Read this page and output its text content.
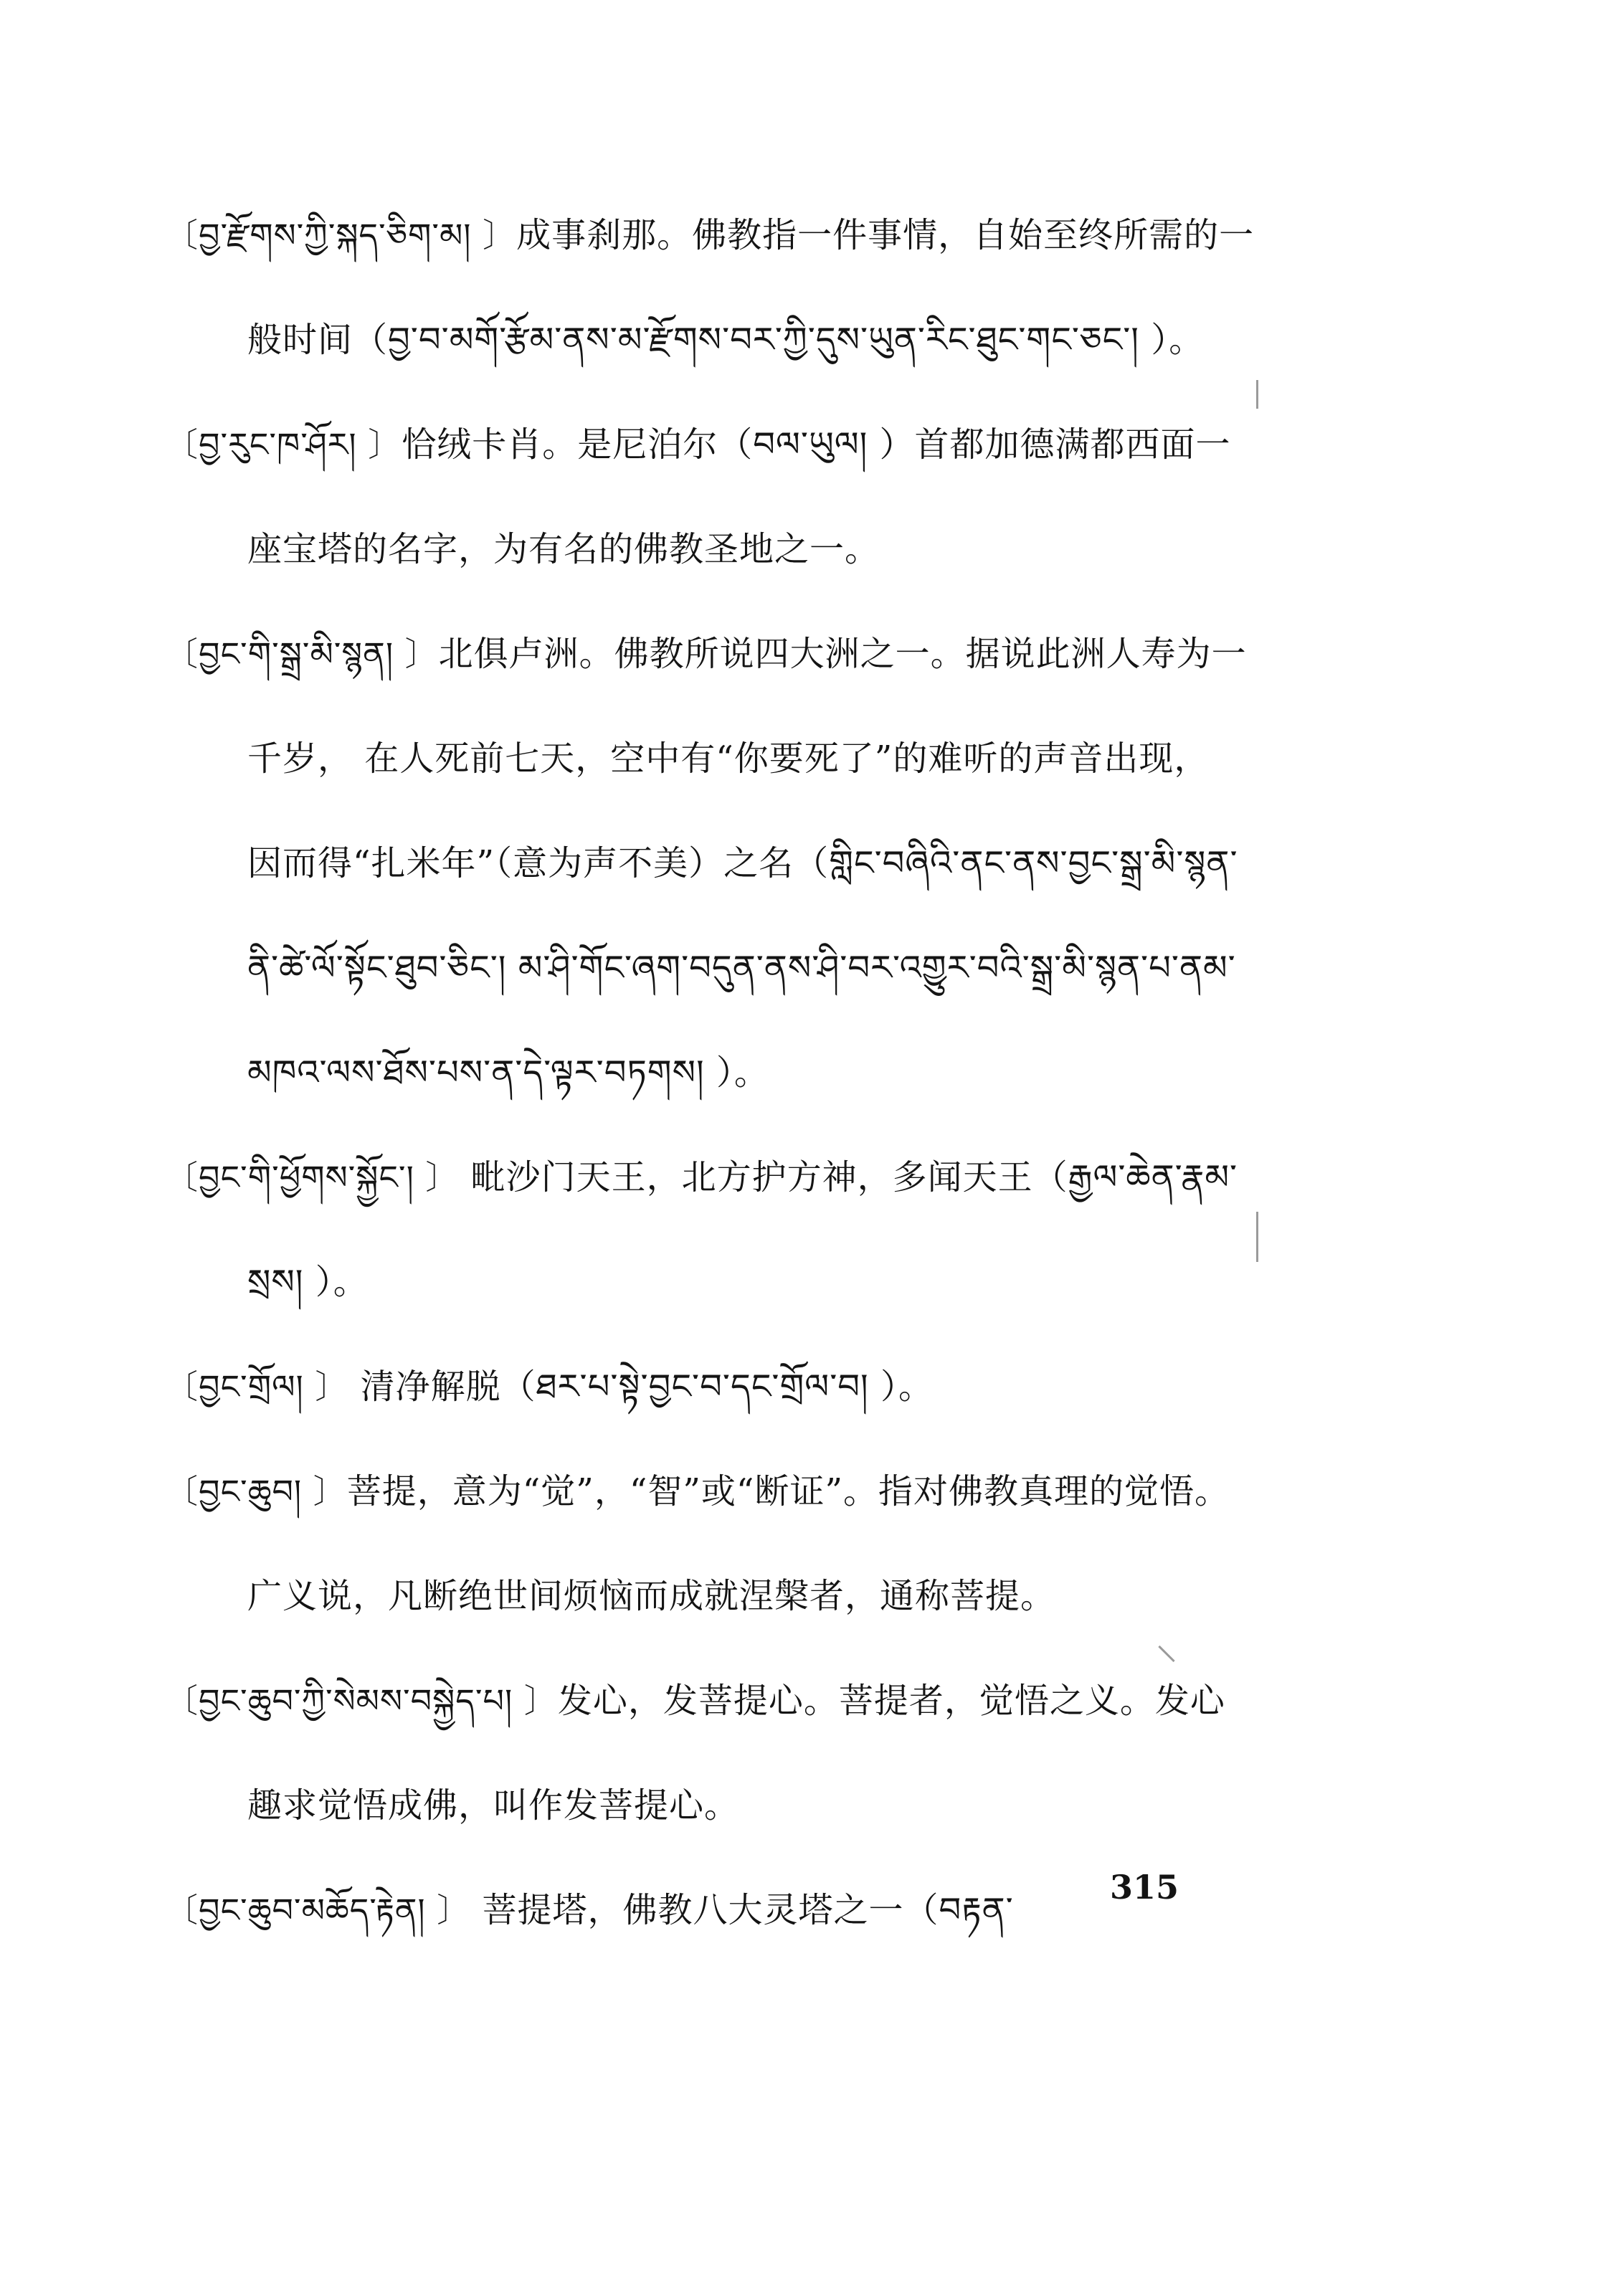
〔བྱ་རྫོགས་ཀྱི་སྐད་ཅིག་མ། 〕成事刹那。佛教指一件事情，自始至终所需的一般时间（བྱ་བ་མགོ་རྩོམ་ནས་མ་རྫོགས་བར་ཀྱི་དུས་ཡུན་རིང་ཐུང་གང་ཅང་། ）。

〔བྱ་རུང་ཁ་ཤོར། 〕恰绒卡肖。是尼泊尔（བལ་ཡུལ། ）首都加德满都西面一座宝塔的名字，为有名的佛教圣地之一。

〔བྱང་གི་སྒྲ་མི་སྙན། 〕北俱卢洲。佛教所说四大洲之一。据说此洲人寿为一千岁， 在人死前七天，空中有“你要死了”的难听的声音出现， 因而得“扎米年”（意为声不美）之名（གླིང་བཞིའི་ནང་ནས་བྱང་སྒྲ་མི་སྙན་ནི་ཚེ་ལོ་སྟོང་ཐུབ་ཅིང་། མ་ཤི་གོང་ཞག་བདུན་ནས་ཤི་བར་འགྱུར་བའི་སྒྲ་མི་སྙན་པ་ནམ་མཁའ་ལས་ཐོས་པས་ན་དེ་ལྟར་བཏགས། ）。

〔བྱང་གི་ཕྱོགས་སྐྱོང་། 〕 毗沙门天王，北方护方神，多闻天王（རྒྱལ་ཆེན་རྣམ་སྲས། ）。

〔བྱང་གྲོལ། 〕 清净解脱（ཐར་པ་སྟེ་བྱང་བ་དང་གྲོལ་བ། ）。

〔བྱང་ཆུབ། 〕菩提，意为“觉”，“智”或“断证”。指对佛教真理的觉悟。 广义说，凡断绝世间烦恼而成就涅槃者，通称菩提。

〔བྱང་ཆུབ་ཀྱི་སེམས་བསྐྱེད་པ། 〕发心，发菩提心。菩提者，觉悟之义。发心趣求觉悟成佛，叫作发菩提心。

〔བྱང་ཆུབ་མཆོད་རྟེན། 〕 菩提塔，佛教八大灵塔之一（བརྟན་

315
